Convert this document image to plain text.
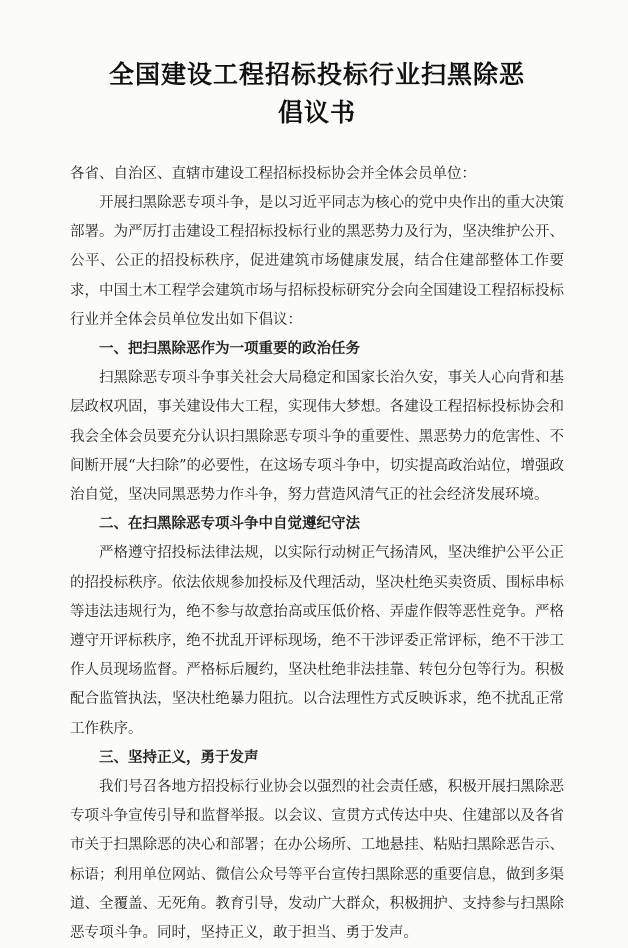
全国建设工程招标投标行业扫黑除恶
倡议书

各省、自治区、直辖市建设工程招标投标协会并全体会员单位：

开展扫黑除恶专项斗争，是以习近平同志为核心的党中央作出的重大决策部署。为严厉打击建设工程招标投标行业的黑恶势力及行为，坚决维护公开、公平、公正的招投标秩序，促进建筑市场健康发展，结合住建部整体工作要求，中国土木工程学会建筑市场与招标投标研究分会向全国建设工程招标投标行业并全体会员单位发出如下倡议：

一、把扫黑除恶作为一项重要的政治任务

扫黑除恶专项斗争事关社会大局稳定和国家长治久安，事关人心向背和基层政权巩固，事关建设伟大工程，实现伟大梦想。各建设工程招标投标协会和我会全体会员要充分认识扫黑除恶专项斗争的重要性、黑恶势力的危害性、不间断开展“大扫除”的必要性，在这场专项斗争中，切实提高政治站位，增强政治自觉，坚决同黑恶势力作斗争，努力营造风清气正的社会经济发展环境。

二、在扫黑除恶专项斗争中自觉遵纪守法

严格遵守招投标法律法规，以实际行动树正气扬清风，坚决维护公平公正的招投标秩序。依法依规参加投标及代理活动，坚决杜绝买卖资质、围标串标等违法违规行为，绝不参与故意抬高或压低价格、弄虚作假等恶性竞争。严格遵守开评标秩序，绝不扰乱开评标现场，绝不干涉评委正常评标，绝不干涉工作人员现场监督。严格标后履约，坚决杜绝非法挂靠、转包分包等行为。积极配合监管执法，坚决杜绝暴力阻抗。以合法理性方式反映诉求，绝不扰乱正常工作秩序。

三、坚持正义，勇于发声

我们号召各地方招投标行业协会以强烈的社会责任感，积极开展扫黑除恶专项斗争宣传引导和监督举报。以会议、宣贯方式传达中央、住建部以及各省市关于扫黑除恶的决心和部署；在办公场所、工地悬挂、粘贴扫黑除恶告示、标语；利用单位网站、微信公众号等平台宣传扫黑除恶的重要信息，做到多渠道、全覆盖、无死角。教育引导，发动广大群众，积极拥护、支持参与扫黑除恶专项斗争。同时，坚持正义，敢于担当、勇于发声。
